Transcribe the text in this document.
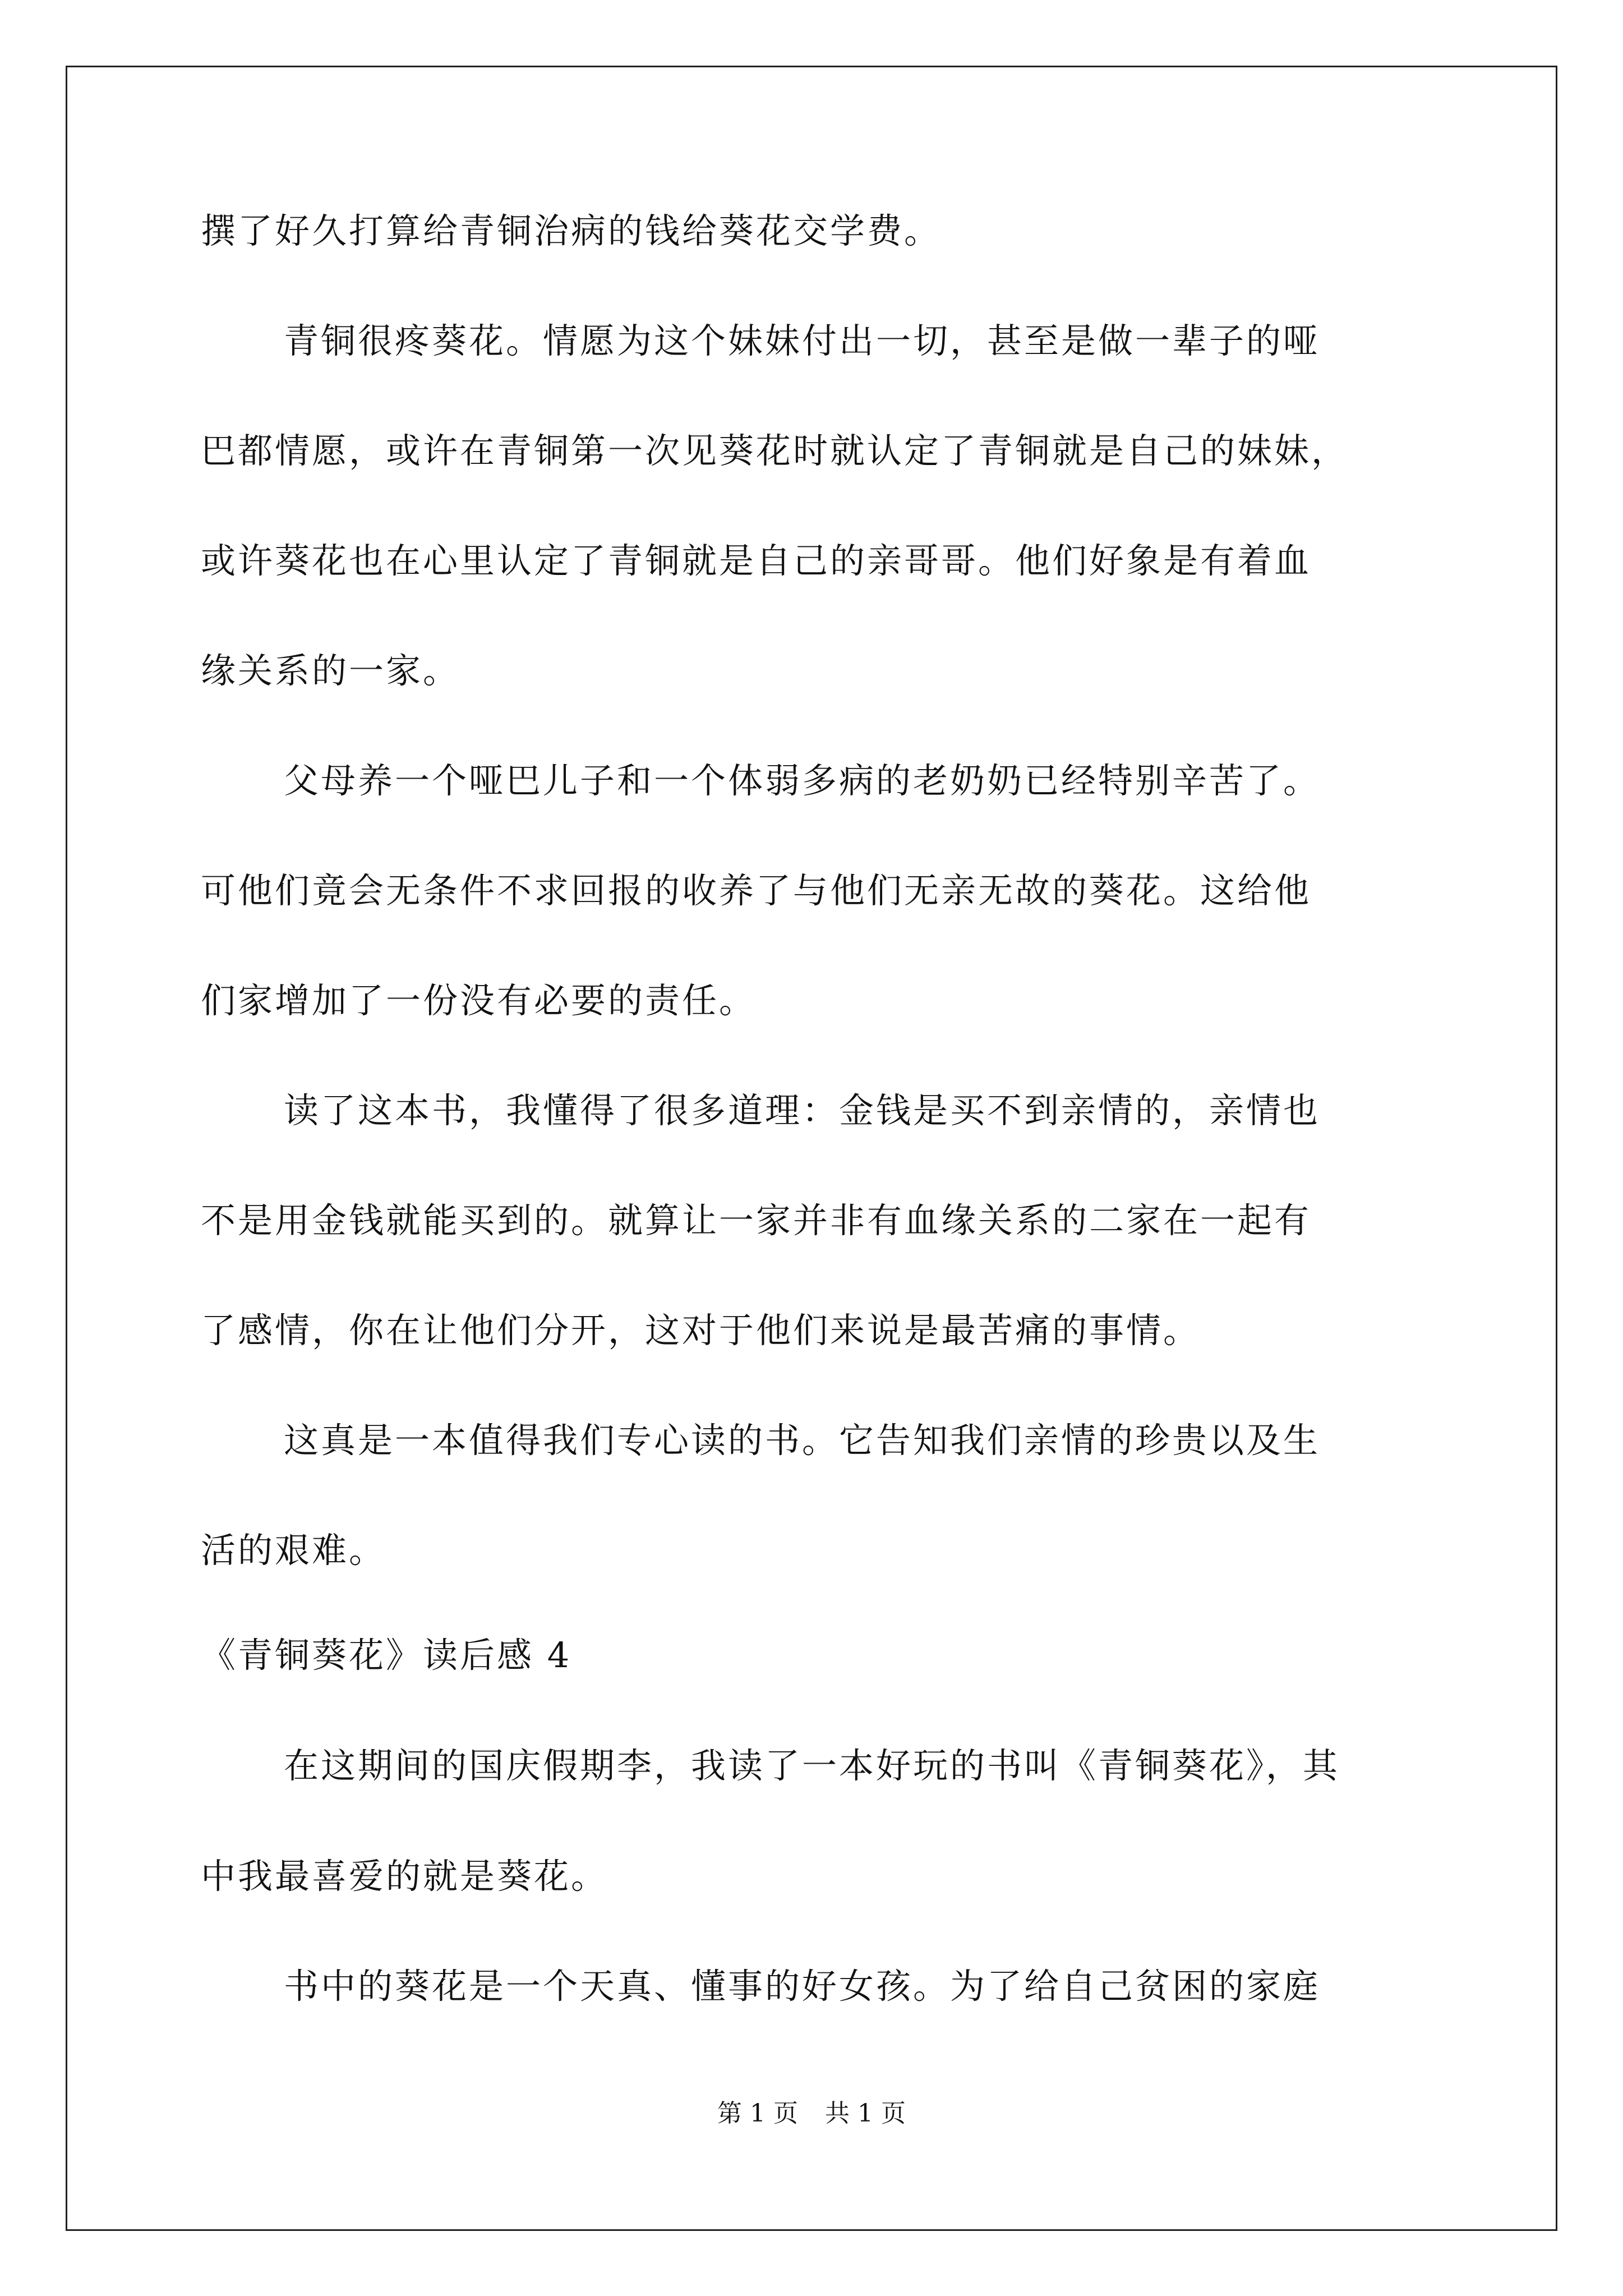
撰了好久打算给青铜治病的钱给葵花交学费。
青铜很疼葵花。情愿为这个妹妹付出一切，甚至是做一辈子的哑
巴都情愿，或许在青铜第一次见葵花时就认定了青铜就是自己的妹妹，
或许葵花也在心里认定了青铜就是自己的亲哥哥。他们好象是有着血
缘关系的一家。
父母养一个哑巴儿子和一个体弱多病的老奶奶已经特别辛苦了。
可他们竟会无条件不求回报的收养了与他们无亲无故的葵花。这给他
们家增加了一份没有必要的责任。
读了这本书，我懂得了很多道理：金钱是买不到亲情的，亲情也
不是用金钱就能买到的。就算让一家并非有血缘关系的二家在一起有
了感情，你在让他们分开，这对于他们来说是最苦痛的事情。
这真是一本值得我们专心读的书。它告知我们亲情的珍贵以及生
活的艰难。
《青铜葵花》读后感 4
在这期间的国庆假期李，我读了一本好玩的书叫《青铜葵花》，其
中我最喜爱的就是葵花。
书中的葵花是一个天真、懂事的好女孩。为了给自己贫困的家庭
第 1 页 共 1 页
